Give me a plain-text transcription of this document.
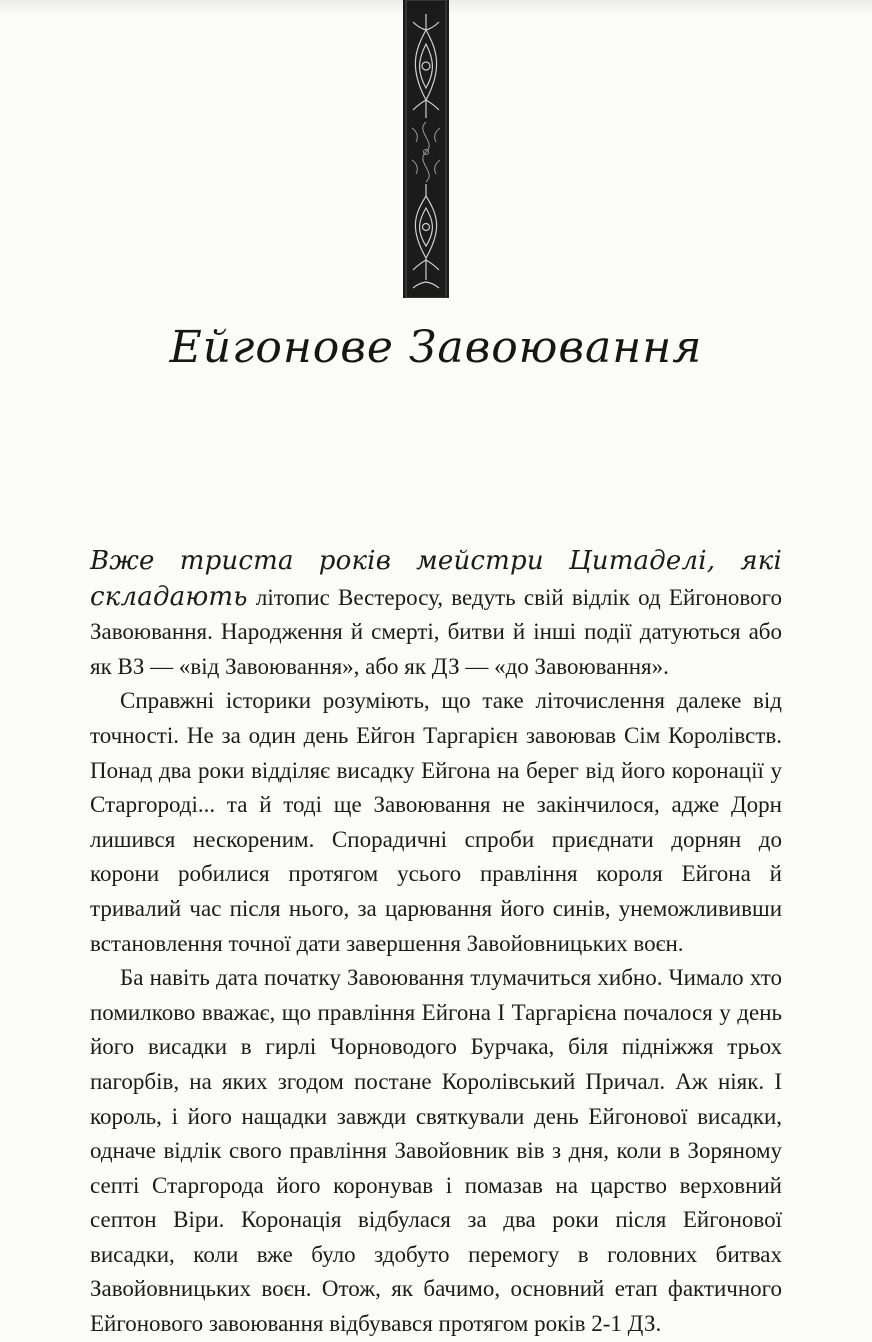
Ейгонове Завоювання

Вже триста років мейстри Цитаделі, які складають літопис Вестеросу, ведуть свій відлік од Ейгонового Завоювання. Народження й смерті, битви й інші події датуються або як ВЗ — «від Завоювання», або як ДЗ — «до Завоювання».

Справжні історики розуміють, що таке літочислення далеке від точності. Не за один день Ейгон Таргарієн завоював Сім Королівств. Понад два роки відділяє висадку Ейгона на берег від його коронації у Старгороді... та й тоді ще Завоювання не закінчилося, адже Дорн лишився нескореним. Спорадичні спроби приєднати дорнян до корони робилися протягом усього правління короля Ейгона й тривалий час після нього, за царювання його синів, унеможлививши встановлення точної дати завершення Завойовницьких воєн.

Ба навіть дата початку Завоювання тлумачиться хибно. Чимало хто помилково вважає, що правління Ейгона I Таргарієна почалося у день його висадки в гирлі Чорноводого Бурчака, біля підніжжя трьох пагорбів, на яких згодом постане Королівський Причал. Аж ніяк. I король, і його нащадки завжди святкували день Ейгонової висадки, одначе відлік свого правління Завойовник вів з дня, коли в Зоряному септі Старгорода його коронував і помазав на царство верховний септон Віри. Коронація відбулася за два роки після Ейгонової висадки, коли вже було здобуто перемогу в головних битвах Завойовницьких воєн. Отож, як бачимо, основний етап фактичного Ейгонового завоювання відбувався протягом років 2-1 ДЗ.
